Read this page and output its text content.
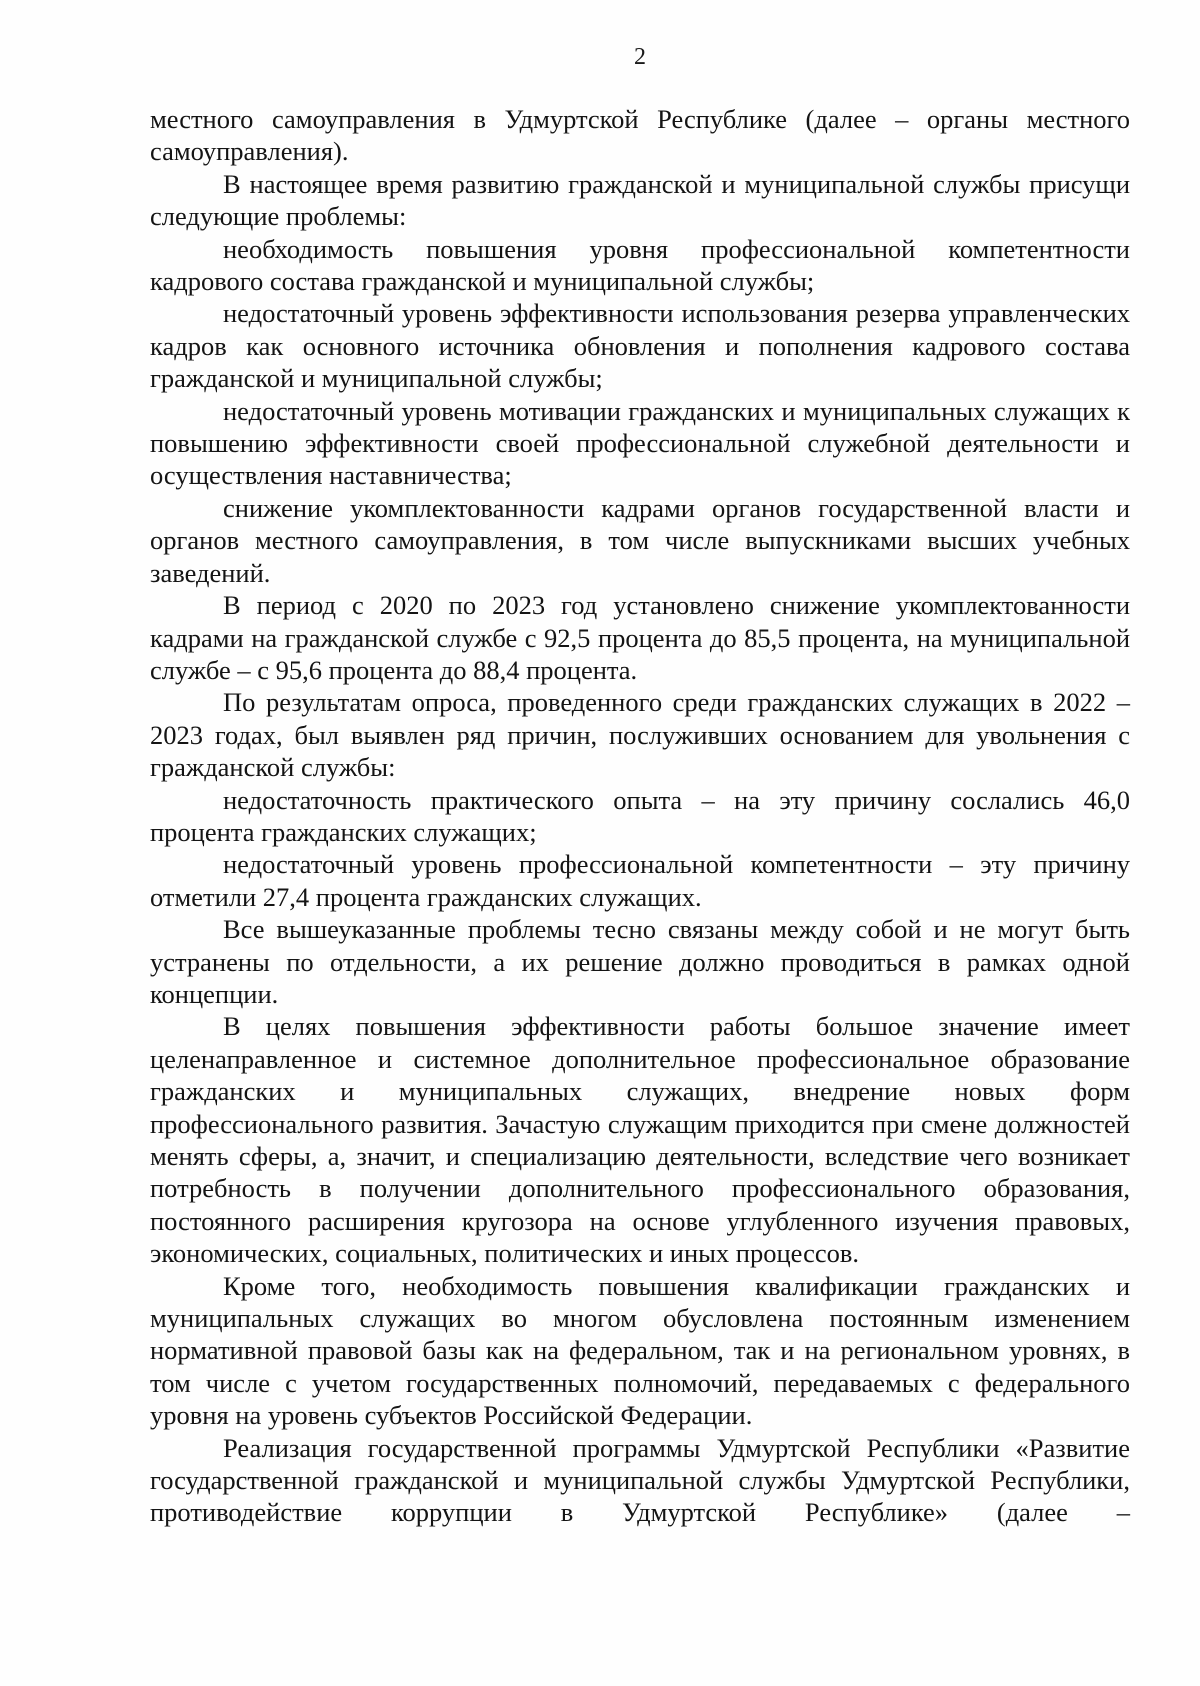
2

местного самоуправления в Удмуртской Республике (далее – органы местного самоуправления).

В настоящее время развитию гражданской и муниципальной службы присущи следующие проблемы:

необходимость повышения уровня профессиональной компетентности кадрового состава гражданской и муниципальной службы;

недостаточный уровень эффективности использования резерва управленческих кадров как основного источника обновления и пополнения кадрового состава гражданской и муниципальной службы;

недостаточный уровень мотивации гражданских и муниципальных служащих к повышению эффективности своей профессиональной служебной деятельности и осуществления наставничества;

снижение укомплектованности кадрами органов государственной власти и органов местного самоуправления, в том числе выпускниками высших учебных заведений.

В период с 2020 по 2023 год установлено снижение укомплектованности кадрами на гражданской службе с 92,5 процента до 85,5 процента, на муниципальной службе – с 95,6 процента до 88,4 процента.

По результатам опроса, проведенного среди гражданских служащих в 2022 – 2023 годах, был выявлен ряд причин, послуживших основанием для увольнения с гражданской службы:

недостаточность практического опыта – на эту причину сослались 46,0 процента гражданских служащих;

недостаточный уровень профессиональной компетентности – эту причину отметили 27,4 процента гражданских служащих.

Все вышеуказанные проблемы тесно связаны между собой и не могут быть устранены по отдельности, а их решение должно проводиться в рамках одной концепции.

В целях повышения эффективности работы большое значение имеет целенаправленное и системное дополнительное профессиональное образование гражданских и муниципальных служащих, внедрение новых форм профессионального развития. Зачастую служащим приходится при смене должностей менять сферы, а, значит, и специализацию деятельности, вследствие чего возникает потребность в получении дополнительного профессионального образования, постоянного расширения кругозора на основе углубленного изучения правовых, экономических, социальных, политических и иных процессов.

Кроме того, необходимость повышения квалификации гражданских и муниципальных служащих во многом обусловлена постоянным изменением нормативной правовой базы как на федеральном, так и на региональном уровнях, в том числе с учетом государственных полномочий, передаваемых с федерального уровня на уровень субъектов Российской Федерации.

Реализация государственной программы Удмуртской Республики «Развитие государственной гражданской и муниципальной службы Удмуртской Республики, противодействие коррупции в Удмуртской Республике» (далее –
